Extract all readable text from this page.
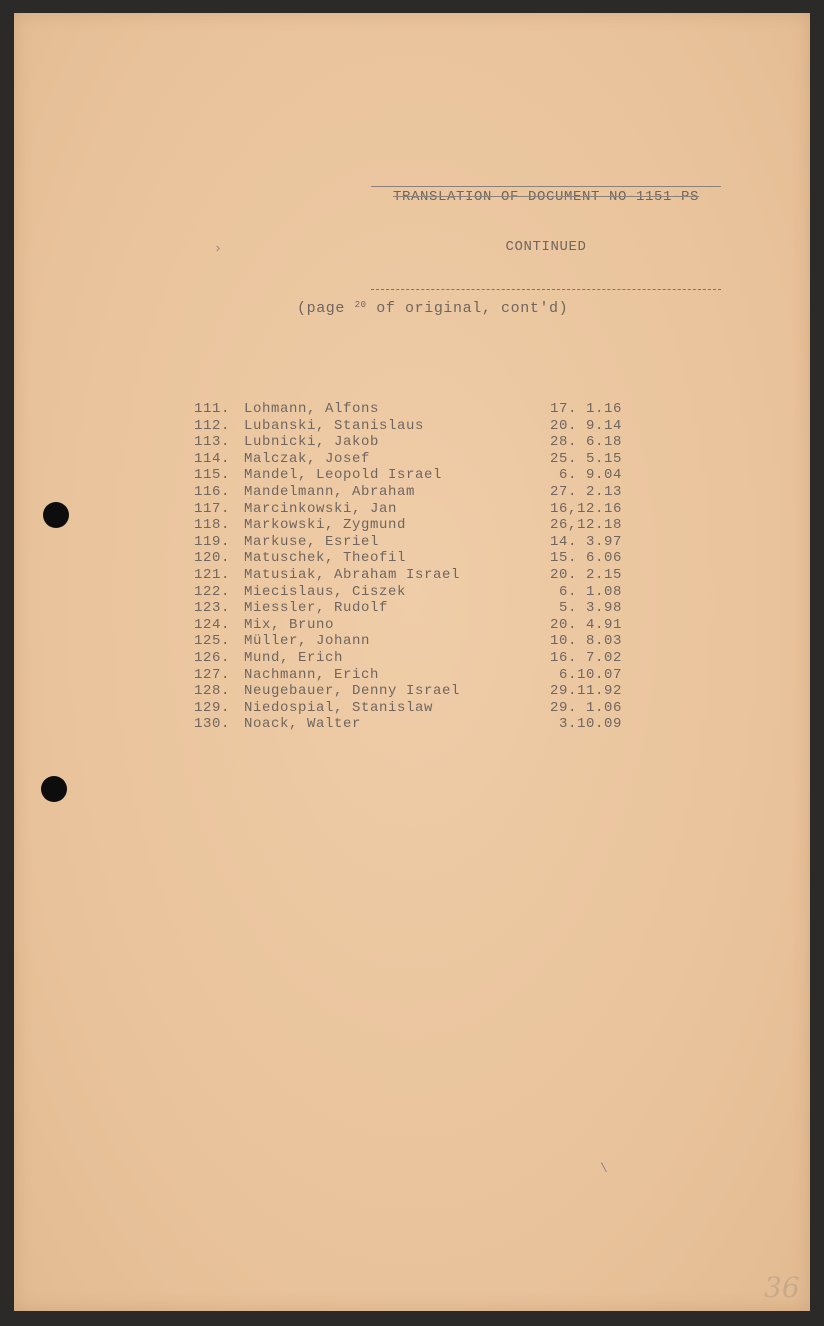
TRANSLATION OF DOCUMENT NO-1151-PS

CONTINUED

(page $^{20}$ of original, cont'd)
111. Lohmann, Alfons	17. 1.16
112. Lubanski, Stanislaus	20. 9.14
113. Lubnicki, Jakob	28. 6.18
114. Malczak, Josef	25. 5.15
115. Mandel, Leopold Israel	6. 9.04
116. Mandelmann, Abraham	27. 2.13
117. Marcinkowski, Jan	16,12.16
118. Markowski, Zygmund	26,12.18
119. Markuse, Esriel	14. 3.97
120. Matuschek, Theofil	15. 6.06
121. Matusiak, Abraham Israel	20. 2.15
122. Miecislaus, Ciszek	6. 1.08
123. Miessler, Rudolf	5. 3.98
124. Mix, Bruno	20. 4.91
125. Müller, Johann	10. 8.03
126. Mund, Erich	16. 7.02
127. Nachmann, Erich	6.10.07
128. Neugebauer, Denny Israel	29.11.92
129. Niedospial, Stanislaw	29. 1.06
130. Noack, Walter	3.10.09
›
\
36
